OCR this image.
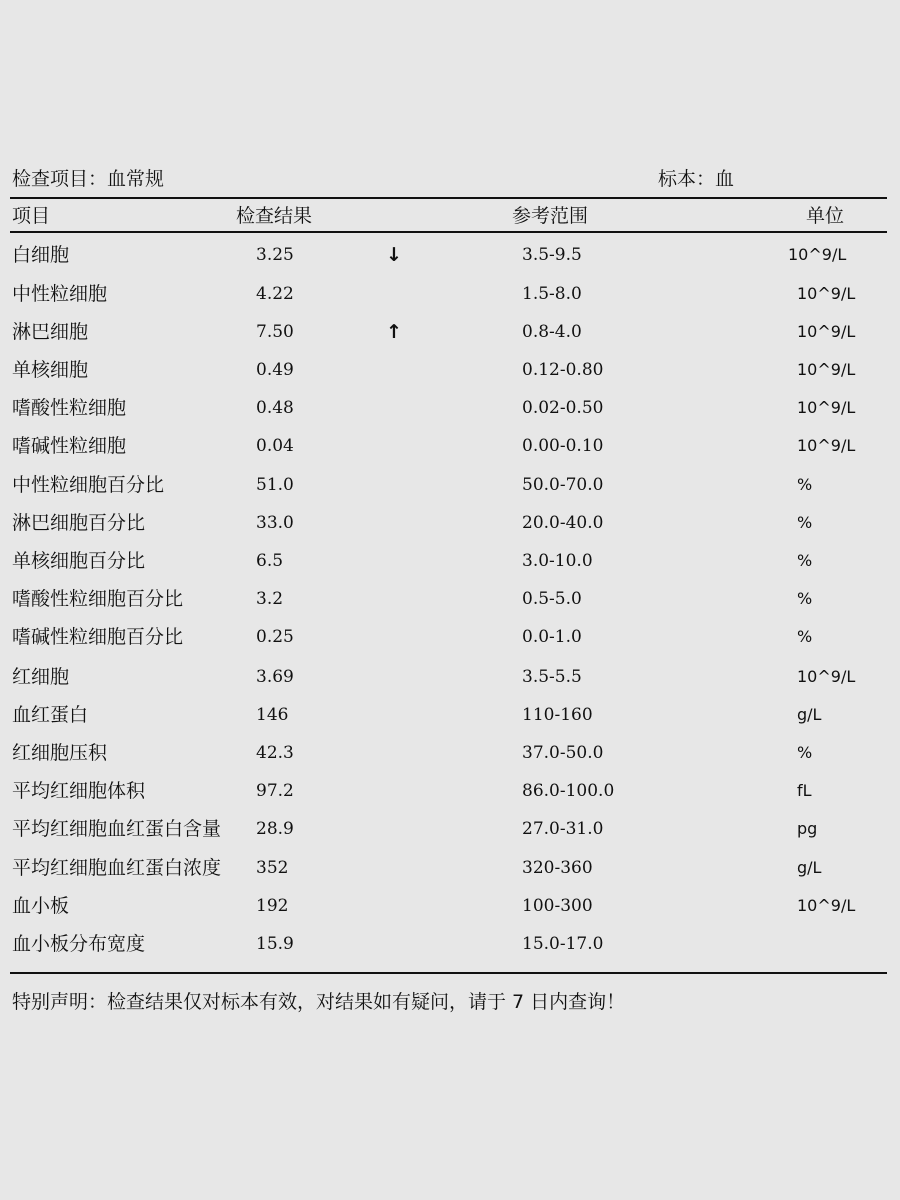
检查项目：血常规	标本：血
项目	检查结果	参考范围	单位
白细胞	3.25	↓	3.5-9.5	10^9/L
中性粒细胞	4.22	1.5-8.0	10^9/L
淋巴细胞	7.50	↑	0.8-4.0	10^9/L
单核细胞	0.49	0.12-0.80	10^9/L
嗜酸性粒细胞	0.48	0.02-0.50	10^9/L
嗜碱性粒细胞	0.04	0.00-0.10	10^9/L
中性粒细胞百分比	51.0	50.0-70.0	%
淋巴细胞百分比	33.0	20.0-40.0	%
单核细胞百分比	6.5	3.0-10.0	%
嗜酸性粒细胞百分比	3.2	0.5-5.0	%
嗜碱性粒细胞百分比	0.25	0.0-1.0	%
红细胞	3.69	3.5-5.5	10^9/L
血红蛋白	146	110-160	g/L
红细胞压积	42.3	37.0-50.0	%
平均红细胞体积	97.2	86.0-100.0	fL
平均红细胞血红蛋白含量 28.9	27.0-31.0	pg
平均红细胞血红蛋白浓度 352	320-360	g/L
血小板	192	100-300	10^9/L
血小板分布宽度	15.9	15.0-17.0
特别声明：检查结果仅对标本有效，对结果如有疑问，请于 7 日内查询！
